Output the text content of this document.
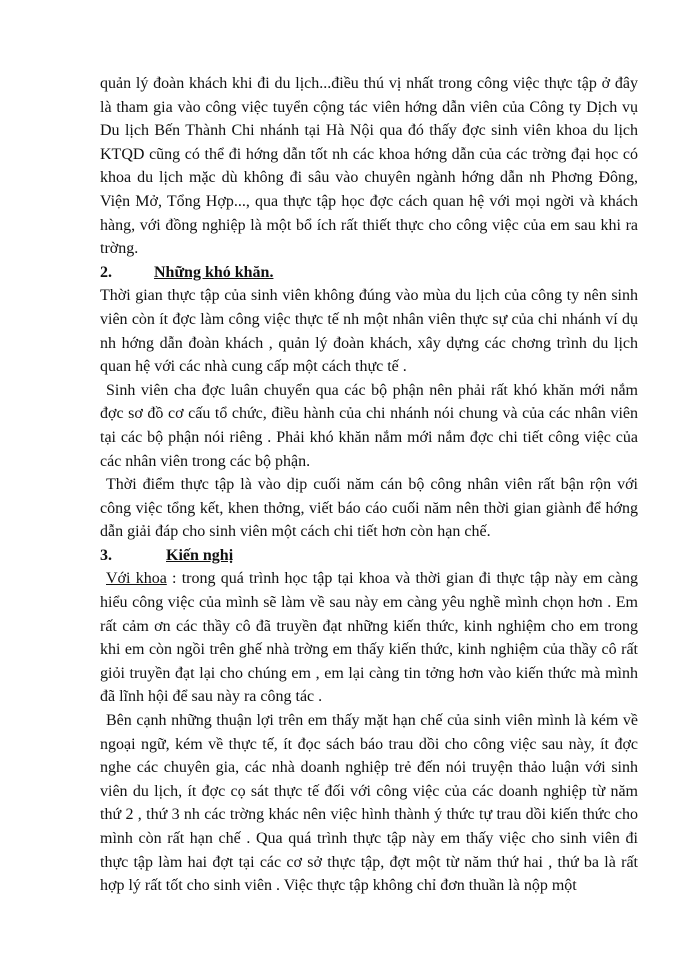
quản lý đoàn khách khi đi du lịch...điều thú vị nhất trong công việc thực tập ở đây là tham gia vào công việc tuyển cộng tác viên hớng dẫn viên của Công ty Dịch vụ Du lịch Bến Thành Chi nhánh tại Hà Nội qua đó thấy đợc sinh viên khoa du lịch KTQD cũng có thể đi hớng dẫn tốt nh các khoa hớng dẫn của các trờng đại học có khoa du lịch mặc dù không đi sâu vào chuyên ngành hớng dẫn nh Phơng Đông, Viện Mở, Tổng Hợp..., qua thực tập học đợc cách quan hệ với mọi ngời và khách hàng, với đồng nghiệp là một bổ ích rất thiết thực cho công việc của em sau khi ra trờng.

2.	Những khó khăn.

Thời gian thực tập của sinh viên không đúng vào mùa du lịch của công ty nên sinh viên còn ít đợc làm công việc thực tế nh một nhân viên thực sự của chi nhánh ví dụ nh hớng dẫn đoàn khách , quản lý đoàn khách, xây dựng các chơng trình du lịch quan hệ với các nhà cung cấp một cách thực tế .

Sinh viên cha đợc luân chuyển qua các bộ phận nên phải rất khó khăn mới nắm đợc sơ đồ cơ cấu tổ chức, điều hành của chi nhánh nói chung và của các nhân viên tại các bộ phận nói riêng . Phải khó khăn nắm mới nắm đợc chi tiết công việc của các nhân viên trong các bộ phận.

Thời điểm thực tập là vào dịp cuối năm cán bộ công nhân viên rất bận rộn với công việc tổng kết, khen thởng, viết báo cáo cuối năm nên thời gian giành để hớng dẫn giải đáp cho sinh viên một cách chi tiết hơn còn hạn chế.

3.	Kiến nghị

Với khoa : trong quá trình học tập tại khoa và thời gian đi thực tập này em càng hiểu công việc của mình sẽ làm về sau này em càng yêu nghề mình chọn hơn . Em rất cảm ơn các thầy cô đã truyền đạt những kiến thức, kinh nghiệm cho em trong khi em còn ngồi trên ghế nhà trờng em thấy kiến thức, kinh nghiệm của thầy cô rất giỏi truyền đạt lại cho chúng em , em lại càng tin tởng hơn vào kiến thức mà mình đã lĩnh hội để sau này ra công tác .

Bên cạnh những thuận lợi trên em thấy mặt hạn chế của sinh viên mình là kém về ngoại ngữ, kém về thực tế, ít đọc sách báo trau dồi cho công việc sau này, ít đợc nghe các chuyên gia, các nhà doanh nghiệp trẻ đến nói truyện thảo luận với sinh viên du lịch, ít đợc cọ sát thực tế đối với công việc của các doanh nghiệp từ năm thứ 2 , thứ 3 nh các trờng khác nên việc hình thành ý thức tự trau dồi kiến thức cho mình còn rất hạn chế . Qua quá trình thực tập này em thấy việc cho sinh viên đi thực tập làm hai đợt tại các cơ sở thực tập, đợt một từ năm thứ hai , thứ ba là rất hợp lý rất tốt cho sinh viên . Việc thực tập không chỉ đơn thuần là nộp một
